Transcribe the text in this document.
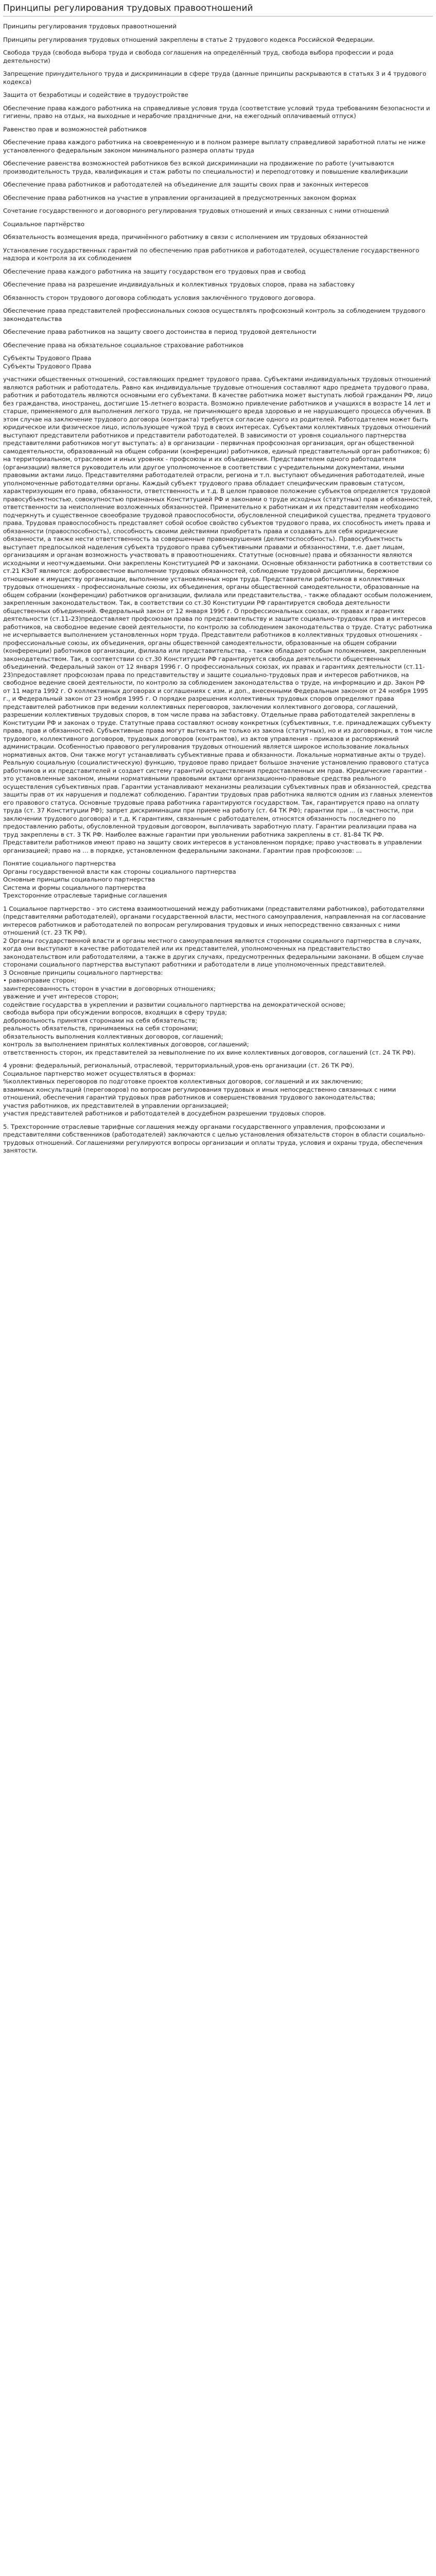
Принципы регулирования трудовых правоотношений

Принципы регулирования трудовых правоотношений

Принципы регулирования трудовых отношений закреплены в статье 2 трудового кодекса Российской Федерации.

Свобода труда (свобода выбора труда и свобода соглашения на определённый труд, свобода выбора профессии и рода деятельности)

Запрещение принудительного труда и дискриминации в сфере труда (данные принципы раскрываются в статьях 3 и 4 трудового кодекса)

Защита от безработицы и содействие в трудоустройстве

Обеспечение права каждого работника на справедливые условия труда (соответствие условий труда требованиям безопасности и гигиены, право на отдых, на выходные и нерабочие праздничные дни, на ежегодный оплачиваемый отпуск)

Равенство прав и возможностей работников

Обеспечение права каждого работника на своевременную и в полном размере выплату справедливой заработной платы не ниже установленного федеральным законом минимального размера оплаты труда

Обеспечение равенства возможностей работников без всякой дискриминации на продвижение по работе (учитываются производительность труда, квалификация и стаж работы по специальности) и переподготовку и повышение квалификации

Обеспечение права работников и работодателей на объединение для защиты своих прав и законных интересов

Обеспечение права работников на участие в управлении организацией в предусмотренных законом формах

Сочетание государственного и договорного регулирования трудовых отношений и иных связанных с ними отношений

Социальное партнёрство

Обязательность возмещения вреда, причинённого работнику в связи с исполнением им трудовых обязанностей

Установление государственных гарантий по обеспечению прав работников и работодателей, осуществление государственного надзора и контроля за их соблюдением

Обеспечение права каждого работника на защиту государством его трудовых прав и свобод

Обеспечение права на разрешение индивидуальных и коллективных трудовых споров, права на забастовку

Обязанность сторон трудового договора соблюдать условия заключённого трудового договора.

Обеспечение права представителей профессиональных союзов осуществлять профсоюзный контроль за соблюдением трудового законодательства

Обеспечение права работников на защиту своего достоинства в период трудовой деятельности

Обеспечение права на обязательное социальное страхование работников

Субъекты Трудового Права
Субъекты Трудового Права

участники общественных отношений, составляющих предмет трудового права. Субъектами индивидуальных трудовых отношений
являются работник и работодатель. Равно как индивидуальные трудовые отношения составляют ядро предмета трудового права, работник и работодатель являются основными его субъектами. В качестве работника может выступать любой гражданин РФ, лицо без гражданства, иностранец, достигшие 15-летнего возраста. Возможно привлечение работников и учащихся в возрасте 14 лет и старше, применяемого для выполнения легкого труда, не причиняющего вреда здоровью и не нарушающего процесса обучения. В этом случае на заключение трудового договора (контракта) требуется согласие одного из родителей. Работодателем может быть юридическое или физическое лицо, использующее чужой труд в своих интересах. Субъектами коллективных трудовых отношений выступают представители работников и представители работодателей. В зависимости от уровня социального партнерства представителями работников могут выступать: а) в организации - первичная профсоюзная организация, орган общественной самодеятельности, образованный на общем собрании (конференции) работников, единый представительный орган работников; б) на территориальном, отраслевом и иных уровнях - профсоюзы и их объединения. Представителем одного работодателя (организации) является руководитель или другое уполномоченное в соответствии с учредительными документами, иными правовыми актами лицо. Представителями работодателей отрасли, региона и т.п. выступают объединения работодателей, иные уполномоченные работодателями органы. Каждый субъект трудового права обладает специфическим правовым статусом, характеризующим его права, обязанности, ответственность и т.д. В целом правовое положение субъектов определяется трудовой правосубъектностью, совокупностью признанных Конституцией РФ и законами о труде исходных (статутных) прав и обязанностей, ответственности за неисполнение возложенных обязанностей. Применительно к работникам и их представителям необходимо подчеркнуть и существенное своеобразие трудовой правоспособности, обусловленной спецификой существа, предмета трудового права. Трудовая правоспособность представляет собой особое свойство субъектов трудового права, их способность иметь права и обязанности (правоспособность), способность своими действиями приобретать права и создавать для себя юридические обязанности, а также нести ответственность за совершенные правонарушения (деликтоспособность). Правосубъектность выступает предпосылкой наделения субъекта трудового права субъективными правами и обязанностями, т.е. дает лицам, организациям и органам возможность участвовать в правоотношениях. Статутные (основные) права и обязанности являются исходными и неотчуждаемыми. Они закреплены Конституцией РФ и законами. Основные обязанности работника в соответствии со ст.21 КЗоТ являются: добросовестное выполнение трудовых обязанностей, соблюдение трудовой дисциплины, бережное отношение к имуществу организации, выполнение установленных норм труда. Представители работников в коллективных трудовых отношениях - профессиональные союзы, их объединения, органы общественной самодеятельности, образованные на общем собрании (конференции) работников организации, филиала или представительства, - также обладают особым положением, закрепленным законодательством. Так, в соответствии со ст.30 Конституции РФ гарантируется свобода деятельности общественных объединений. Федеральный закон от 12 января 1996 г. О профессиональных союзах, их правах и гарантиях деятельности (ст.11-23)предоставляет профсоюзам права по представительству и защите социально-трудовых прав и интересов работников, на свободное ведение своей деятельности, по контролю за соблюдением законодательства о труде. Статус работника не исчерпывается выполнением установленных норм труда. Представители работников в коллективных трудовых отношениях - профессиональные союзы, их объединения, органы общественной самодеятельности, образованные на общем собрании (конференции) работников организации, филиала или представительства, - также обладают особым положением, закрепленным законодательством. Так, в соответствии со ст.30 Конституции РФ гарантируется свобода деятельности общественных объединений. Федеральный закон от 12 января 1996 г. О профессиональных союзах, их правах и гарантиях деятельности (ст.11-23)предоставляет профсоюзам права по представительству и защите социально-трудовых прав и интересов работников, на свободное ведение своей деятельности, по контролю за соблюдением законодательства о труде, на информацию и др. Закон РФ от 11 марта 1992 г. О коллективных договорах и соглашениях с изм. и доп., внесенными Федеральным законом от 24 ноября 1995 г., и Федеральный закон от 23 ноября 1995 г. О порядке разрешения коллективных трудовых споров определяют права представителей работников при ведении коллективных переговоров, заключении коллективного договора, соглашений, разрешении коллективных трудовых споров, в том числе права на забастовку. Отдельные права работодателей закреплены в Конституции РФ и законах о труде. Статутные права составляют основу конкретных (субъективных, т.е. принадлежащих субъекту права, прав и обязанностей. Субъективные права могут вытекать не только из закона (статутных), но и из договорных, в том числе трудового, коллективного договоров, трудовых договоров (контрактов), из актов управления - приказов и распоряжений администрации. Особенностью правового регулирования трудовых отношений является широкое использование локальных нормативных актов. Они также могут устанавливать субъективные права и обязанности. Локальные нормативные акты о труде). Реальную социальную (социалистическую) функцию, трудовое право придает большое значение установлению правового статуса работников и их представителей и создает систему гарантий осуществления предоставленных им прав. Юридические гарантии - это установленные законом, иными нормативными правовыми актами организационно-правовые средства реального осуществления субъективных прав. Гарантии устанавливают механизмы реализации субъективных прав и обязанностей, средства защиты прав от их нарушения и подлежат соблюдению. Гарантии трудовых прав работника являются одним из главных элементов его правового статуса. Основные трудовые права работника гарантируются государством. Так, гарантируется право на оплату труда (ст. 37 Конституции РФ); запрет дискриминации при приеме на работу (ст. 64 ТК РФ); гарантии при ... (в частности, при заключении трудового договора) и т.д. К гарантиям, связанным с работодателем, относятся обязанность последнего по предоставлению работы, обусловленной трудовым договором, выплачивать заработную плату. Гарантии реализации права на труд закреплены в ст. 3 ТК РФ. Наиболее важные гарантии при увольнении работника закреплены в ст. 81-84 ТК РФ. Представители работников имеют право на защиту своих интересов в установленном порядке; право участвовать в управлении организацией; право на ... в порядке, установленном федеральными законами. Гарантии прав профсоюзов: ...

Понятие социального партнерства
Органы государственной власти как стороны социального партнерства
Основные принципы социального партнерства
Система и формы социального партнерства
Трехсторонние отраслевые тарифные соглашения

1 Социальное партнерство - это система взаимоотношений между работниками (представителями работников), работодателями (представителями работодателей), органами государственной власти, местного самоуправления, направленная на согласование интересов работников и работодателей по вопросам регулирования трудовых и иных непосредственно связанных с ними отношений (ст. 23 ТК РФ).
2 Органы государственной власти и органы местного самоуправления являются сторонами социального партнерства в случаях, когда они выступают в качестве работодателей или их представителей, уполномоченных на представительство законодательством или работодателями, а также в других случаях, предусмотренных федеральными законами. В общем случае сторонами социального партнерства выступают работники и работодатели в лице уполномоченных представителей.
3 Основные принципы социального партнерства:
• равноправие сторон;
заинтересованность сторон в участии в договорных отношениях;
уважение и учет интересов сторон;
содействие государства в укреплении и развитии социального партнерства на демократической основе;
свобода выбора при обсуждении вопросов, входящих в сферу труда;
добровольность принятия сторонами на себя обязательств;
реальность обязательств, принимаемых на себя сторонами;
обязательность выполнения коллективных договоров, соглашений;
контроль за выполнением принятых коллективных договоров, соглашений;
ответственность сторон, их представителей за невыполнение по их вине коллективных договоров, соглашений (ст. 24 ТК РФ).

4 уровни: федеральный, региональный, отраслевой, территориальный,уров-ень организации (ст. 26 ТК РФ).
Социальное партнерство может осуществляться в формах:
%коллективных переговоров по подготовке проектов коллективных договоров, соглашений и их заключению;
взаимных консультаций (переговоров) по вопросам регулирования трудовых и иных непосредственно связанных с ними отношений, обеспечения гарантий трудовых прав работников и совершенствования трудового законодательства;
участия работников, их представителей в управлении организацией;
участия представителей работников и работодателей в досудебном разрешении трудовых споров.

5. Трехсторонние отраслевые тарифные соглашения между органами государственного управления, профсоюзами и представителями собственников (работодателей) заключаются с целью установления обязательств сторон в области социально-трудовых отношений. Соглашениями регулируются вопросы организации и оплаты труда, условия и охраны труда, обеспечения занятости.
